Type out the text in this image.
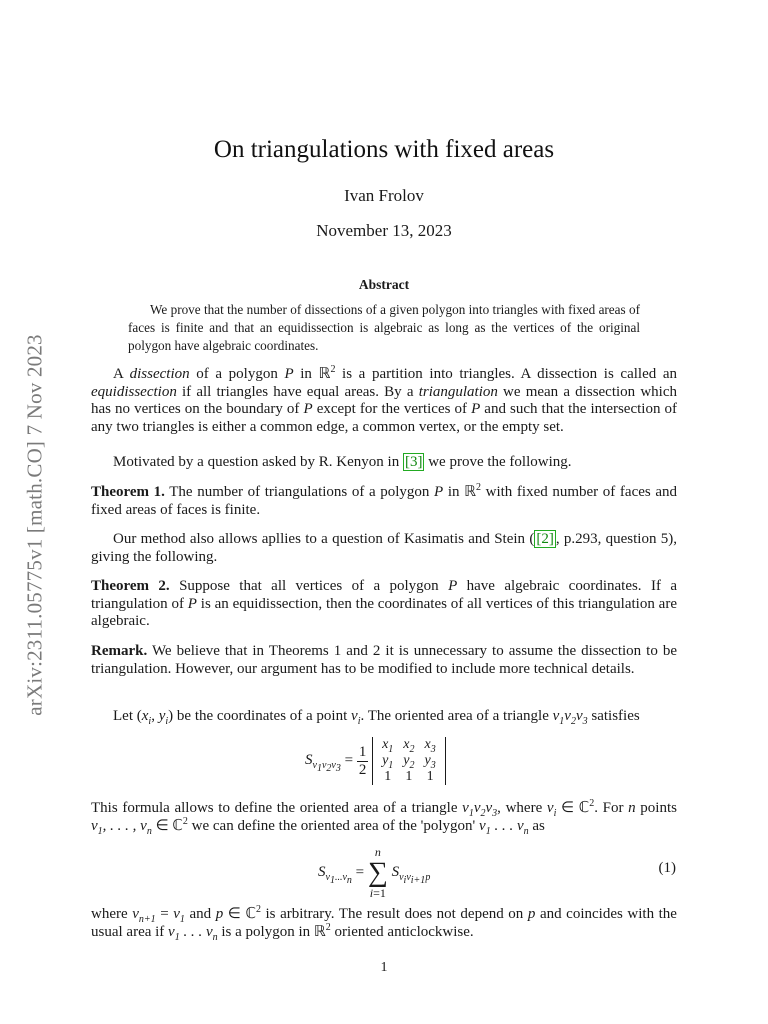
arXiv:2311.05775v1 [math.CO] 7 Nov 2023
On triangulations with fixed areas
Ivan Frolov
November 13, 2023
Abstract
We prove that the number of dissections of a given polygon into triangles with fixed areas of faces is finite and that an equidissection is algebraic as long as the vertices of the original polygon have algebraic coordinates.
A dissection of a polygon P in ℝ$^2$ is a partition into triangles. A dissection is called an equidissection if all triangles have equal areas. By a triangulation we mean a dissection which has no vertices on the boundary of P except for the vertices of P and such that the intersection of any two triangles is either a common edge, a common vertex, or the empty set.
Motivated by a question asked by R. Kenyon in [3] we prove the following.
Theorem 1. The number of triangulations of a polygon P in ℝ$^2$ with fixed number of faces and fixed areas of faces is finite.
Our method also allows apllies to a question of Kasimatis and Stein ( [2] , p.293, question 5), giving the following.
Theorem 2. Suppose that all vertices of a polygon P have algebraic coordinates. If a triangulation of P is an equidissection, then the coordinates of all vertices of this triangulation are algebraic.
Remark. We believe that in Theorems 1 and 2 it is unnecessary to assume the dissection to be triangulation. However, our argument has to be modified to include more technical details.
Let ($x_i$, $y_i$) be the coordinates of a point $v_i$. The oriented area of a triangle $v_1v_2v_3$ satisfies
$S_{v_1v_2v_3} = \frac{1}{2}$
$x_1$	$x_2$	$x_3$
$y_1$	$y_2$	$y_3$
1	1	1
This formula allows to define the oriented area of a triangle $v_1v_2v_3$, where $v_i$ ∈ ℂ$^2$. For n points $v_1$, . . . , $v_n$ ∈ ℂ$^2$ we can define the oriented area of the 'polygon' $v_1$ . . . $v_n$ as
$S_{v_1...v_n} = n$
∑
i=1 $S_{v_iv_{i+1}p}$
(1)
where $v_{n+1} = v_1$ and p ∈ ℂ$^2$ is arbitrary. The result does not depend on p and coincides with the usual area if $v_1$ . . . $v_n$ is a polygon in ℝ$^2$ oriented anticlockwise.
1
